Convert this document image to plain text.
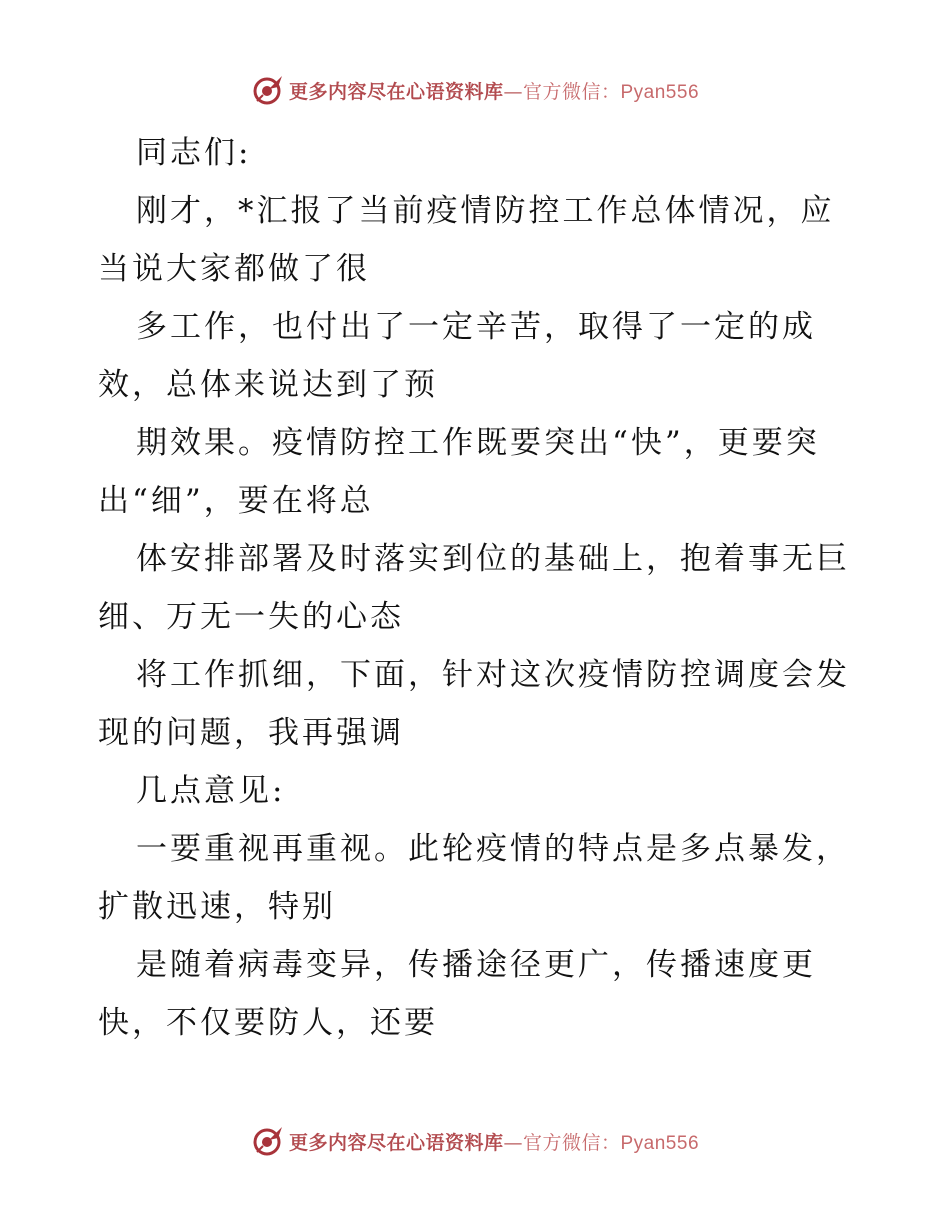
更多内容尽在心语资料库—官方微信：Pyan556
同志们:
刚才，*汇报了当前疫情防控工作总体情况，应
当说大家都做了很
多工作，也付出了一定辛苦，取得了一定的成
效，总体来说达到了预
期效果。疫情防控工作既要突出“快”，更要突
出“细”，要在将总
体安排部署及时落实到位的基础上，抱着事无巨
细、万无一失的心态
将工作抓细，下面，针对这次疫情防控调度会发
现的问题，我再强调
几点意见:
一要重视再重视。此轮疫情的特点是多点暴发，
扩散迅速，特别
是随着病毒变异，传播途径更广，传播速度更
快，不仅要防人，还要
更多内容尽在心语资料库—官方微信：Pyan556
